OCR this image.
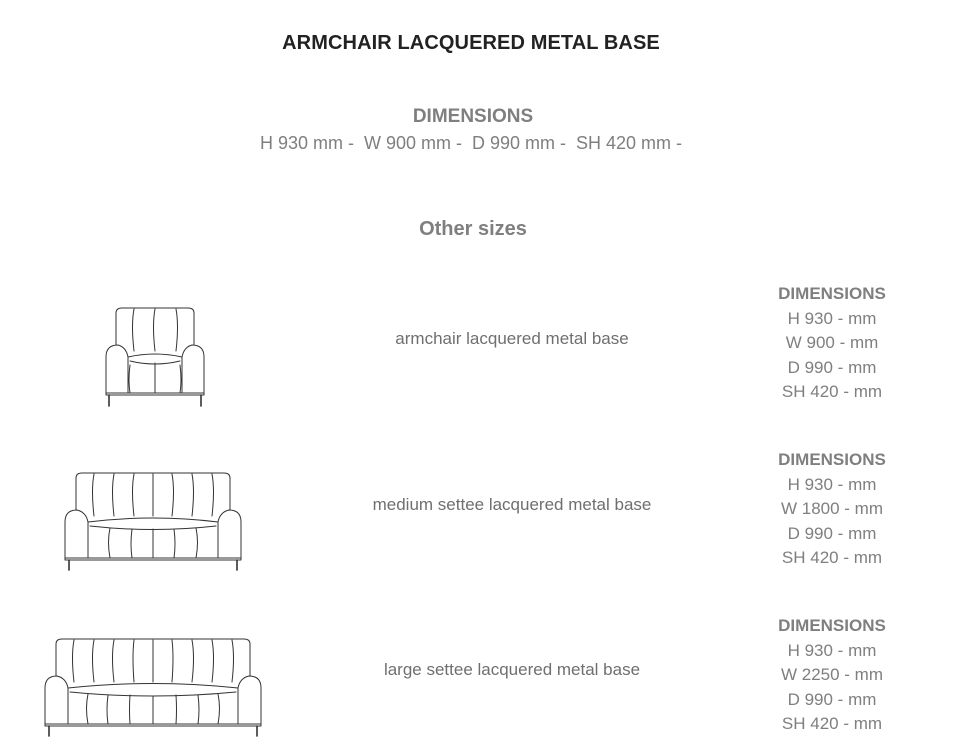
ARMCHAIR LACQUERED METAL BASE
DIMENSIONS
H 930 mm -  W 900 mm -  D 990 mm -  SH 420 mm -
Other sizes
armchair lacquered metal base
DIMENSIONS
H 930 - mm
W 900 - mm
D 990 - mm
SH 420 - mm
medium settee lacquered metal base
DIMENSIONS
H 930 - mm
W 1800 - mm
D 990 - mm
SH 420 - mm
large settee lacquered metal base
DIMENSIONS
H 930 - mm
W 2250 - mm
D 990 - mm
SH 420 - mm
